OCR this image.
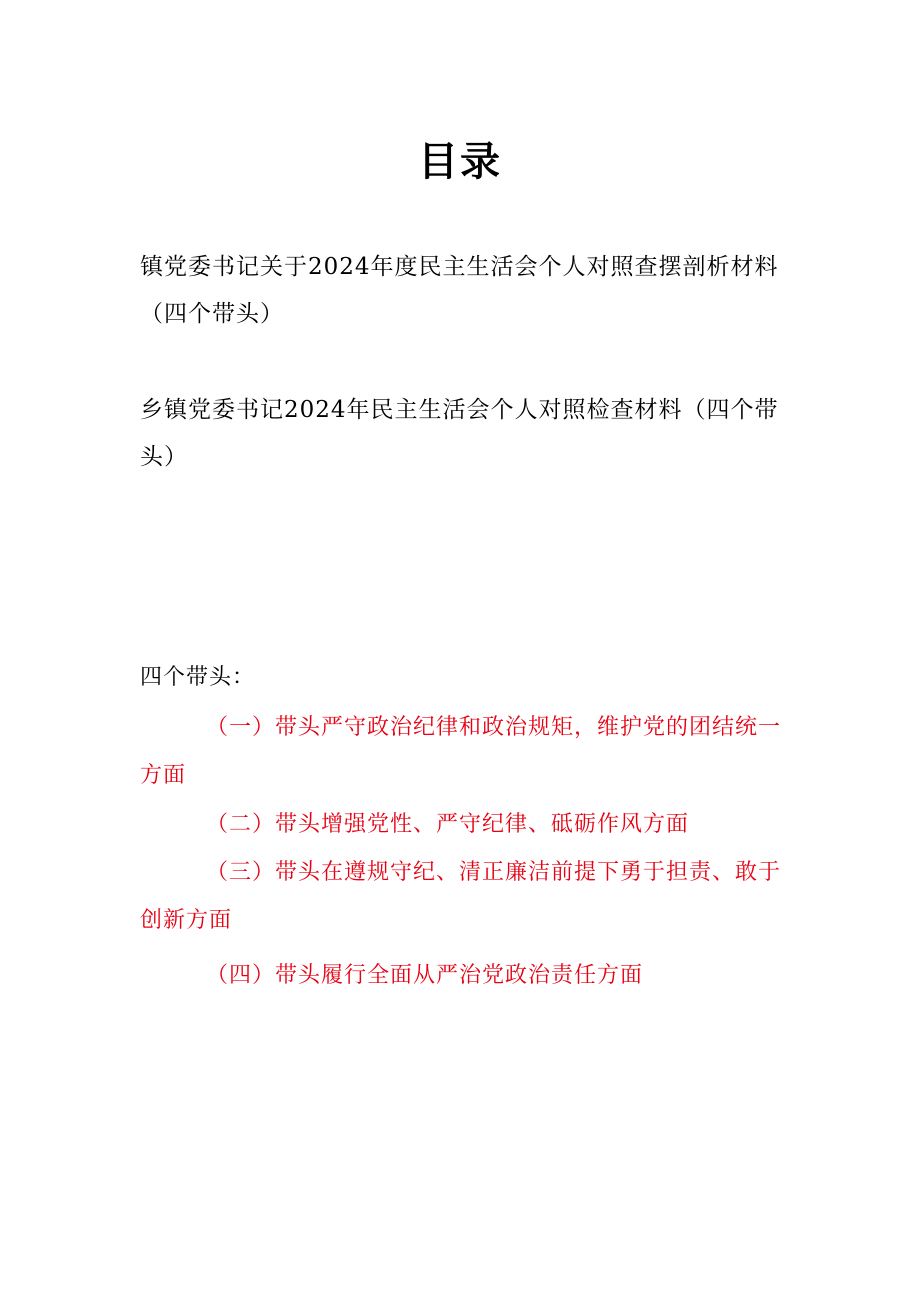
目录
镇党委书记关于2024年度民主生活会个人对照查摆剖析材料（四个带头）
乡镇党委书记2024年民主生活会个人对照检查材料（四个带头）
四个带头：
（一）带头严守政治纪律和政治规矩，维护党的团结统一方面
（二）带头增强党性、严守纪律、砥砺作风方面
（三）带头在遵规守纪、清正廉洁前提下勇于担责、敢于创新方面
（四）带头履行全面从严治党政治责任方面
